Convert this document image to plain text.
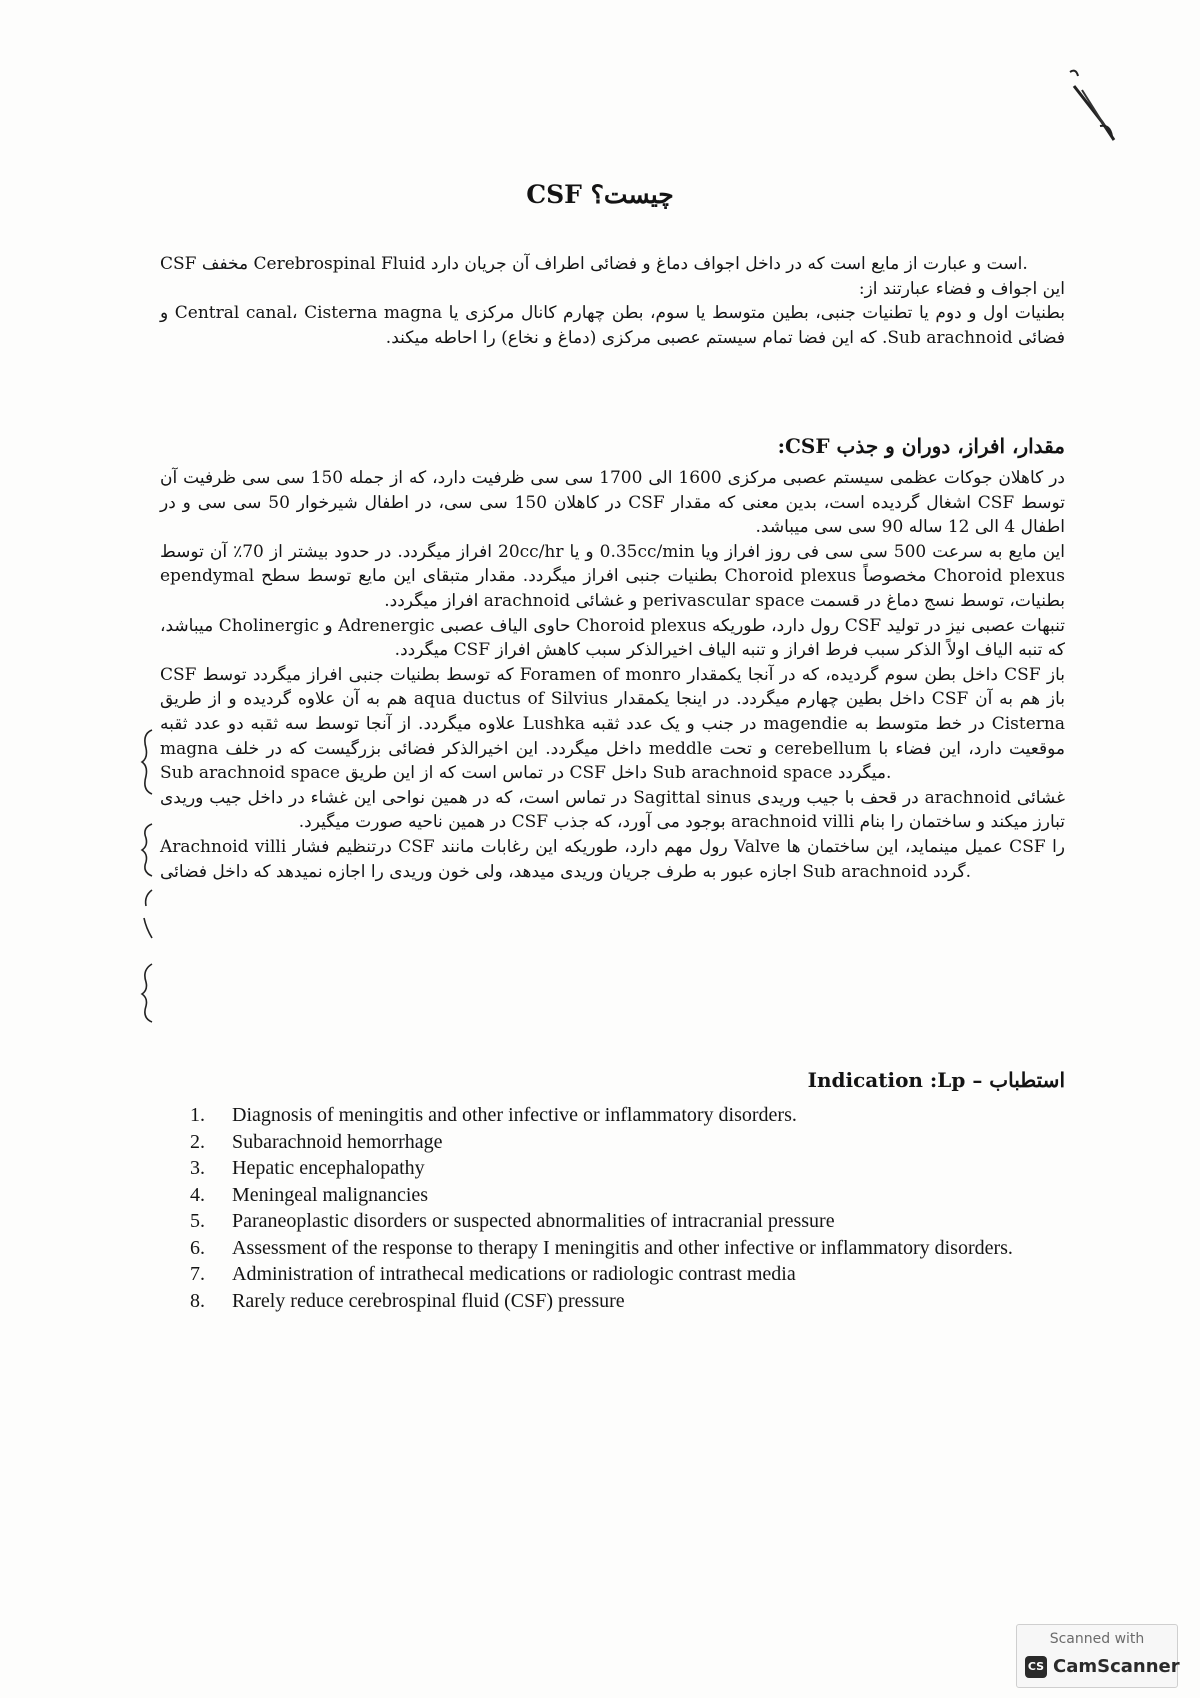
CSF چیست؟

CSF مخفف Cerebrospinal Fluid است و عبارت از مایع است که در داخل اجواف دماغ و فضائی اطراف آن جریان دارد.

این اجواف و فضاء عبارتند از:

بطنیات اول و دوم یا تطنیات جنبی، بطین متوسط یا سوم، بطن چهارم کانال مرکزی یا Central canal، Cisterna magna و فضائی Sub arachnoid. که این فضا تمام سیستم عصبی مرکزی (دماغ و نخاع) را احاطه میکند.

مقدار، افراز، دوران و جذب CSF:

در کاهلان جوکات عظمی سیستم عصبی مرکزی 1600 الی 1700 سی سی ظرفیت دارد، که از جمله 150 سی سی ظرفیت آن توسط CSF اشغال گردیده است، بدین معنی که مقدار CSF در کاهلان 150 سی سی، در اطفال شیرخوار 50 سی سی و در اطفال 4 الی 12 ساله 90 سی سی میباشد.

این مایع به سرعت 500 سی سی فی روز افراز ویا 0.35cc/min و یا 20cc/hr افراز میگردد. در حدود بیشتر از 70٪ آن توسط Choroid plexus مخصوصاً Choroid plexus بطنیات جنبی افراز میگردد. مقدار متبقای این مایع توسط سطح ependymal بطنیات، توسط نسج دماغ در قسمت perivascular space و غشائی arachnoid افراز میگردد.

تنبهات عصبی نیز در تولید CSF رول دارد، طوریکه Choroid plexus حاوی الیاف عصبی Adrenergic و Cholinergic میباشد، که تنبه الیاف اولاً الذکر سبب فرط افراز و تنبه الیاف اخیرالذکر سبب کاهش افراز CSF میگردد.

CSF که توسط بطنیات جنبی افراز میگردد توسط Foramen of monro داخل بطن سوم گردیده، که در آنجا یکمقدار CSF باز هم به آن علاوه گردیده و از طریق aqua ductus of Silvius داخل بطین چهارم میگردد. در اینجا یکمقدار CSF باز هم به آن علاوه میگردد. از آنجا توسط سه ثقبه دو عدد ثقبه Lushka در جنب و یک عدد ثقبه magendie در خط متوسط به Cisterna magna داخل میگردد. این اخیرالذکر فضائی بزرگیست که در خلف meddle و تحت cerebellum موقعیت دارد، این فضاء با Sub arachnoid space در تماس است که از این طریق CSF داخل Sub arachnoid space میگردد.

غشائی arachnoid در قحف با جیب وریدی Sagittal sinus در تماس است، که در همین نواحی این غشاء در داخل جیب وریدی تبارز میکند و ساختمان را بنام arachnoid villi بوجود می آورد، که جذب CSF در همین ناحیه صورت میگیرد.

Arachnoid villi درتنظیم فشار CSF رول مهم دارد، طوریکه این رغابات مانند Valve عمیل مینماید، این ساختمان ها CSF را اجازه عبور به طرف جریان وریدی میدهد، ولی خون وریدی را اجازه نمیدهد که داخل فضائی Sub arachnoid گردد.

استطباب – Indication :Lp
1.	Diagnosis of meningitis and other infective or inflammatory disorders.
2.	Subarachnoid hemorrhage
3.	Hepatic encephalopathy
4.	Meningeal malignancies
5.	Paraneoplastic disorders or suspected abnormalities of intracranial pressure
6.	Assessment of the response to therapy I meningitis and other infective or inflammatory disorders.
7.	Administration of intrathecal medications or radiologic contrast media
8.	Rarely reduce cerebrospinal fluid (CSF) pressure
Scanned with
CS CamScanner
